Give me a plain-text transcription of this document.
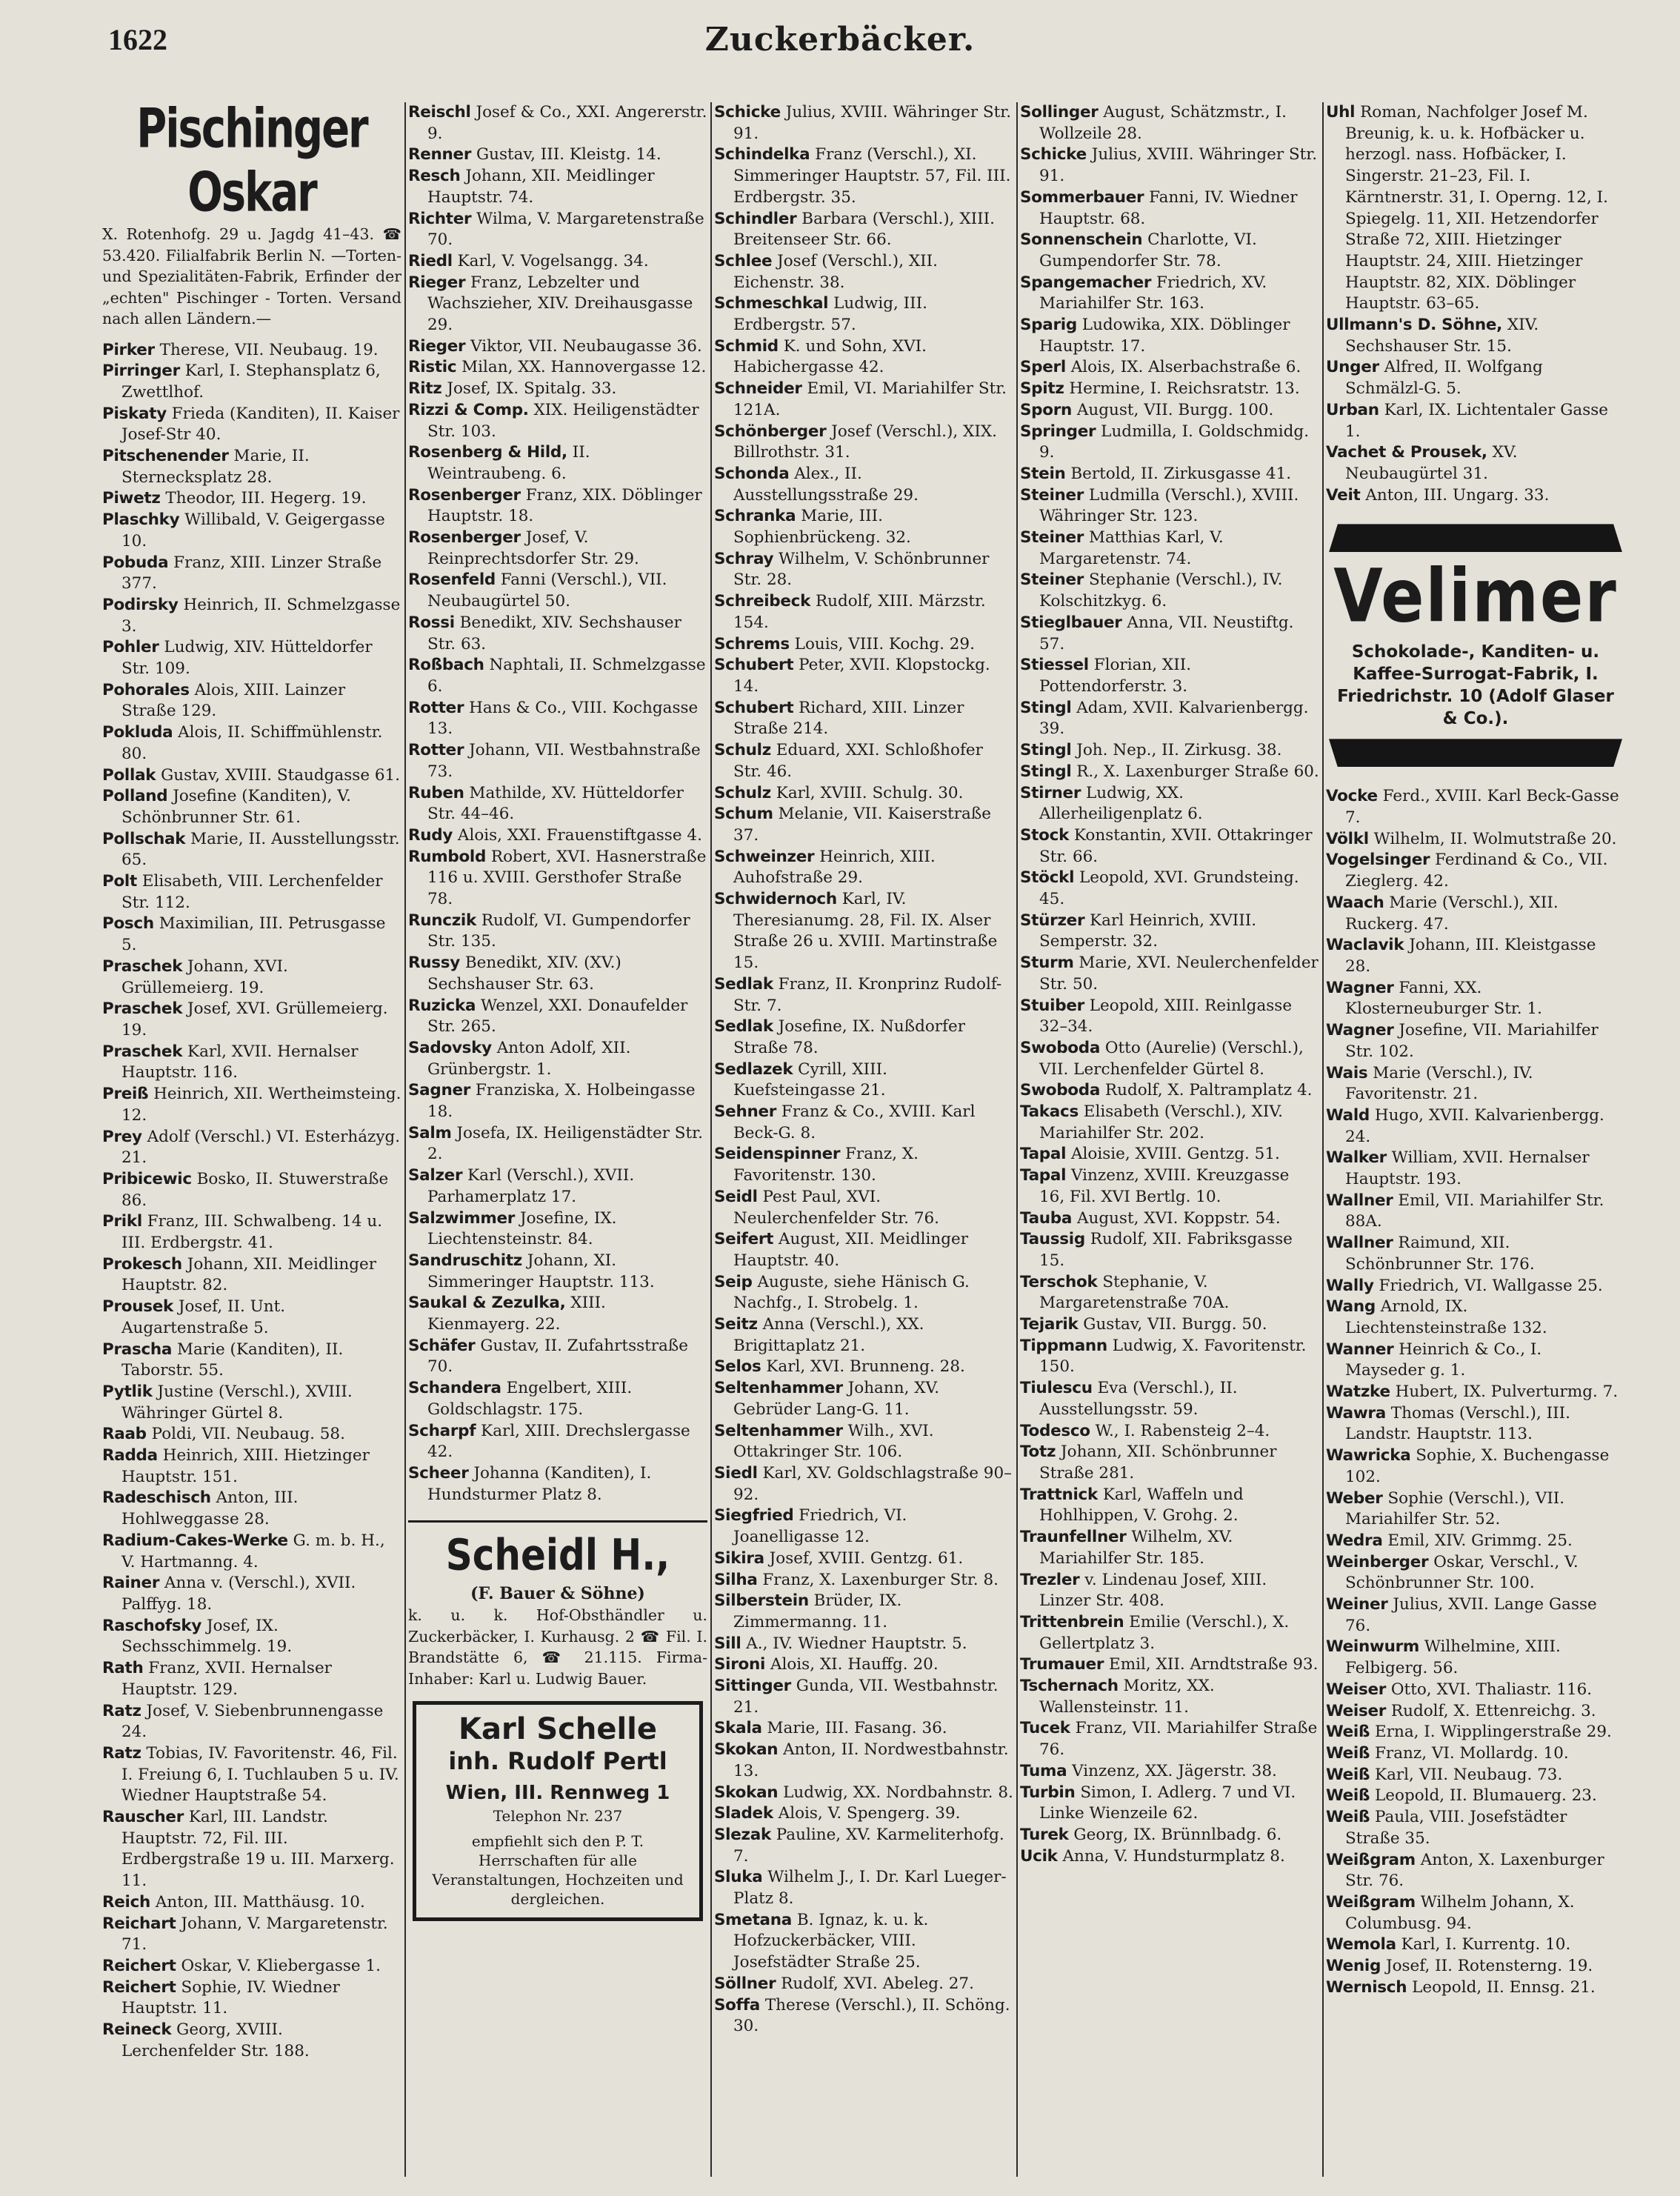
1622	Zuckerbäcker.
Pischinger Oskar
X. Rotenhofg. 29 u. Jagdg 41–43. ☎ 53.420. Filialfabrik Berlin N. —Torten- und Spezialitäten-Fabrik, Erfinder der „echten" Pischinger - Torten. Versand nach allen Ländern.—

Pirker Therese, VII. Neubaug. 19.

Pirringer Karl, I. Stephansplatz 6, Zwettlhof.

Piskaty Frieda (Kanditen), II. Kaiser Josef-Str 40.

Pitschenender Marie, II. Sternecksplatz 28.

Piwetz Theodor, III. Hegerg. 19.

Plaschky Willibald, V. Geigergasse 10.

Pobuda Franz, XIII. Linzer Straße 377.

Podirsky Heinrich, II. Schmelzgasse 3.

Pohler Ludwig, XIV. Hütteldorfer Str. 109.

Pohorales Alois, XIII. Lainzer Straße 129.

Pokluda Alois, II. Schiffmühlenstr. 80.

Pollak Gustav, XVIII. Staudgasse 61.

Polland Josefine (Kanditen), V. Schönbrunner Str. 61.

Pollschak Marie, II. Ausstellungsstr. 65.

Polt Elisabeth, VIII. Lerchenfelder Str. 112.

Posch Maximilian, III. Petrusgasse 5.

Praschek Johann, XVI. Grüllemeierg. 19.

Praschek Josef, XVI. Grüllemeierg. 19.

Praschek Karl, XVII. Hernalser Hauptstr. 116.

Preiß Heinrich, XII. Wertheimsteing. 12.

Prey Adolf (Verschl.) VI. Esterházyg. 21.

Pribicewic Bosko, II. Stuwerstraße 86.

Prikl Franz, III. Schwalbeng. 14 u. III. Erdbergstr. 41.

Prokesch Johann, XII. Meidlinger Hauptstr. 82.

Prousek Josef, II. Unt. Augartenstraße 5.

Prascha Marie (Kanditen), II. Taborstr. 55.

Pytlik Justine (Verschl.), XVIII. Währinger Gürtel 8.

Raab Poldi, VII. Neubaug. 58.

Radda Heinrich, XIII. Hietzinger Hauptstr. 151.

Radeschisch Anton, III. Hohlweggasse 28.

Radium-Cakes-Werke G. m. b. H., V. Hartmanng. 4.

Rainer Anna v. (Verschl.), XVII. Palffyg. 18.

Raschofsky Josef, IX. Sechsschimmelg. 19.

Rath Franz, XVII. Hernalser Hauptstr. 129.

Ratz Josef, V. Siebenbrunnengasse 24.

Ratz Tobias, IV. Favoritenstr. 46, Fil. I. Freiung 6, I. Tuchlauben 5 u. IV. Wiedner Hauptstraße 54.

Rauscher Karl, III. Landstr. Hauptstr. 72, Fil. III. Erdbergstraße 19 u. III. Marxerg. 11.

Reich Anton, III. Matthäusg. 10.

Reichart Johann, V. Margaretenstr. 71.

Reichert Oskar, V. Kliebergasse 1.

Reichert Sophie, IV. Wiedner Hauptstr. 11.

Reineck Georg, XVIII. Lerchenfelder Str. 188.

Reischl Josef & Co., XXI. Angererstr. 9.

Renner Gustav, III. Kleistg. 14.

Resch Johann, XII. Meidlinger Hauptstr. 74.

Richter Wilma, V. Margaretenstraße 70.

Riedl Karl, V. Vogelsangg. 34.

Rieger Franz, Lebzelter und Wachszieher, XIV. Dreihausgasse 29.

Rieger Viktor, VII. Neubaugasse 36.

Ristic Milan, XX. Hannovergasse 12.

Ritz Josef, IX. Spitalg. 33.

Rizzi & Comp. XIX. Heiligenstädter Str. 103.

Rosenberg & Hild, II. Weintraubeng. 6.

Rosenberger Franz, XIX. Döblinger Hauptstr. 18.

Rosenberger Josef, V. Reinprechtsdorfer Str. 29.

Rosenfeld Fanni (Verschl.), VII. Neubaugürtel 50.

Rossi Benedikt, XIV. Sechshauser Str. 63.

Roßbach Naphtali, II. Schmelzgasse 6.

Rotter Hans & Co., VIII. Kochgasse 13.

Rotter Johann, VII. Westbahnstraße 73.

Ruben Mathilde, XV. Hütteldorfer Str. 44–46.

Rudy Alois, XXI. Frauenstiftgasse 4.

Rumbold Robert, XVI. Hasnerstraße 116 u. XVIII. Gersthofer Straße 78.

Runczik Rudolf, VI. Gumpendorfer Str. 135.

Russy Benedikt, XIV. (XV.) Sechshauser Str. 63.

Ruzicka Wenzel, XXI. Donaufelder Str. 265.

Sadovsky Anton Adolf, XII. Grünbergstr. 1.

Sagner Franziska, X. Holbeingasse 18.

Salm Josefa, IX. Heiligenstädter Str. 2.

Salzer Karl (Verschl.), XVII. Parhamerplatz 17.

Salzwimmer Josefine, IX. Liechtensteinstr. 84.

Sandruschitz Johann, XI. Simmeringer Hauptstr. 113.

Saukal & Zezulka, XIII. Kienmayerg. 22.

Schäfer Gustav, II. Zufahrtsstraße 70.

Schandera Engelbert, XIII. Goldschlagstr. 175.

Scharpf Karl, XIII. Drechslergasse 42.

Scheer Johanna (Kanditen), I. Hundsturmer Platz 8.

Scheidl H.,
(F. Bauer & Söhne)
k. u. k. Hof-Obsthändler u. Zuckerbäcker, I. Kurhausg. 2 ☎ Fil. I. Brandstätte 6, ☎ 21.115. Firma-Inhaber: Karl u. Ludwig Bauer.
Karl Schelle
inh. Rudolf Pertl
Wien, III. Rennweg 1
Telephon Nr. 237
empfiehlt sich den P. T. Herrschaften für alle Veranstaltungen, Hochzeiten und dergleichen.

Schicke Julius, XVIII. Währinger Str. 91.

Schindelka Franz (Verschl.), XI. Simmeringer Hauptstr. 57, Fil. III. Erdbergstr. 35.

Schindler Barbara (Verschl.), XIII. Breitenseer Str. 66.

Schlee Josef (Verschl.), XII. Eichenstr. 38.

Schmeschkal Ludwig, III. Erdbergstr. 57.

Schmid K. und Sohn, XVI. Habichergasse 42.

Schneider Emil, VI. Mariahilfer Str. 121A.

Schönberger Josef (Verschl.), XIX. Billrothstr. 31.

Schonda Alex., II. Ausstellungsstraße 29.

Schranka Marie, III. Sophienbrückeng. 32.

Schray Wilhelm, V. Schönbrunner Str. 28.

Schreibeck Rudolf, XIII. Märzstr. 154.

Schrems Louis, VIII. Kochg. 29.

Schubert Peter, XVII. Klopstockg. 14.

Schubert Richard, XIII. Linzer Straße 214.

Schulz Eduard, XXI. Schloßhofer Str. 46.

Schulz Karl, XVIII. Schulg. 30.

Schum Melanie, VII. Kaiserstraße 37.

Schweinzer Heinrich, XIII. Auhofstraße 29.

Schwidernoch Karl, IV. Theresianumg. 28, Fil. IX. Alser Straße 26 u. XVIII. Martinstraße 15.

Sedlak Franz, II. Kronprinz Rudolf-Str. 7.

Sedlak Josefine, IX. Nußdorfer Straße 78.

Sedlazek Cyrill, XIII. Kuefsteingasse 21.

Sehner Franz & Co., XVIII. Karl Beck-G. 8.

Seidenspinner Franz, X. Favoritenstr. 130.

Seidl Pest Paul, XVI. Neulerchenfelder Str. 76.

Seifert August, XII. Meidlinger Hauptstr. 40.

Seip Auguste, siehe Hänisch G. Nachfg., I. Strobelg. 1.

Seitz Anna (Verschl.), XX. Brigittaplatz 21.

Selos Karl, XVI. Brunneng. 28.

Seltenhammer Johann, XV. Gebrüder Lang-G. 11.

Seltenhammer Wilh., XVI. Ottakringer Str. 106.

Siedl Karl, XV. Goldschlagstraße 90–92.

Siegfried Friedrich, VI. Joanelligasse 12.

Sikira Josef, XVIII. Gentzg. 61.

Silha Franz, X. Laxenburger Str. 8.

Silberstein Brüder, IX. Zimmermanng. 11.

Sill A., IV. Wiedner Hauptstr. 5.

Sironi Alois, XI. Hauffg. 20.

Sittinger Gunda, VII. Westbahnstr. 21.

Skala Marie, III. Fasang. 36.

Skokan Anton, II. Nordwestbahnstr. 13.

Skokan Ludwig, XX. Nordbahnstr. 8.

Sladek Alois, V. Spengerg. 39.

Slezak Pauline, XV. Karmeliterhofg. 7.

Sluka Wilhelm J., I. Dr. Karl Lueger-Platz 8.

Smetana B. Ignaz, k. u. k. Hofzuckerbäcker, VIII. Josefstädter Straße 25.

Söllner Rudolf, XVI. Abeleg. 27.

Soffa Therese (Verschl.), II. Schöng. 30.

Sollinger August, Schätzmstr., I. Wollzeile 28.

Schicke Julius, XVIII. Währinger Str. 91.

Sommerbauer Fanni, IV. Wiedner Hauptstr. 68.

Sonnenschein Charlotte, VI. Gumpendorfer Str. 78.

Spangemacher Friedrich, XV. Mariahilfer Str. 163.

Sparig Ludowika, XIX. Döblinger Hauptstr. 17.

Sperl Alois, IX. Alserbachstraße 6.

Spitz Hermine, I. Reichsratstr. 13.

Sporn August, VII. Burgg. 100.

Springer Ludmilla, I. Goldschmidg. 9.

Stein Bertold, II. Zirkusgasse 41.

Steiner Ludmilla (Verschl.), XVIII. Währinger Str. 123.

Steiner Matthias Karl, V. Margaretenstr. 74.

Steiner Stephanie (Verschl.), IV. Kolschitzkyg. 6.

Stieglbauer Anna, VII. Neustiftg. 57.

Stiessel Florian, XII. Pottendorferstr. 3.

Stingl Adam, XVII. Kalvarienbergg. 39.

Stingl Joh. Nep., II. Zirkusg. 38.

Stingl R., X. Laxenburger Straße 60.

Stirner Ludwig, XX. Allerheiligenplatz 6.

Stock Konstantin, XVII. Ottakringer Str. 66.

Stöckl Leopold, XVI. Grundsteing. 45.

Stürzer Karl Heinrich, XVIII. Semperstr. 32.

Sturm Marie, XVI. Neulerchenfelder Str. 50.

Stuiber Leopold, XIII. Reinlgasse 32–34.

Swoboda Otto (Aurelie) (Verschl.), VII. Lerchenfelder Gürtel 8.

Swoboda Rudolf, X. Paltramplatz 4.

Takacs Elisabeth (Verschl.), XIV. Mariahilfer Str. 202.

Tapal Aloisie, XVIII. Gentzg. 51.

Tapal Vinzenz, XVIII. Kreuzgasse 16, Fil. XVI Bertlg. 10.

Tauba August, XVI. Koppstr. 54.

Taussig Rudolf, XII. Fabriksgasse 15.

Terschok Stephanie, V. Margaretenstraße 70A.

Tejarik Gustav, VII. Burgg. 50.

Tippmann Ludwig, X. Favoritenstr. 150.

Tiulescu Eva (Verschl.), II. Ausstellungsstr. 59.

Todesco W., I. Rabensteig 2–4.

Totz Johann, XII. Schönbrunner Straße 281.

Trattnick Karl, Waffeln und Hohlhippen, V. Grohg. 2.

Traunfellner Wilhelm, XV. Mariahilfer Str. 185.

Trezler v. Lindenau Josef, XIII. Linzer Str. 408.

Trittenbrein Emilie (Verschl.), X. Gellertplatz 3.

Trumauer Emil, XII. Arndtstraße 93.

Tschernach Moritz, XX. Wallensteinstr. 11.

Tucek Franz, VII. Mariahilfer Straße 76.

Tuma Vinzenz, XX. Jägerstr. 38.

Turbin Simon, I. Adlerg. 7 und VI. Linke Wienzeile 62.

Turek Georg, IX. Brünnlbadg. 6.

Ucik Anna, V. Hundsturmplatz 8.

Uhl Roman, Nachfolger Josef M. Breunig, k. u. k. Hofbäcker u. herzogl. nass. Hofbäcker, I. Singerstr. 21–23, Fil. I. Kärntnerstr. 31, I. Operng. 12, I. Spiegelg. 11, XII. Hetzendorfer Straße 72, XIII. Hietzinger Hauptstr. 24, XIII. Hietzinger Hauptstr. 82, XIX. Döblinger Hauptstr. 63–65.

Ullmann's D. Söhne, XIV. Sechshauser Str. 15.

Unger Alfred, II. Wolfgang Schmälzl-G. 5.

Urban Karl, IX. Lichtentaler Gasse 1.

Vachet & Prousek, XV. Neubaugürtel 31.

Veit Anton, III. Ungarg. 33.

Velimer
Schokolade-, Kanditen- u. Kaffee-Surrogat-Fabrik, I. Friedrichstr. 10 (Adolf Glaser & Co.).

Vocke Ferd., XVIII. Karl Beck-Gasse 7.

Völkl Wilhelm, II. Wolmutstraße 20.

Vogelsinger Ferdinand & Co., VII. Zieglerg. 42.

Waach Marie (Verschl.), XII. Ruckerg. 47.

Waclavik Johann, III. Kleistgasse 28.

Wagner Fanni, XX. Klosterneuburger Str. 1.

Wagner Josefine, VII. Mariahilfer Str. 102.

Wais Marie (Verschl.), IV. Favoritenstr. 21.

Wald Hugo, XVII. Kalvarienbergg. 24.

Walker William, XVII. Hernalser Hauptstr. 193.

Wallner Emil, VII. Mariahilfer Str. 88A.

Wallner Raimund, XII. Schönbrunner Str. 176.

Wally Friedrich, VI. Wallgasse 25.

Wang Arnold, IX. Liechtensteinstraße 132.

Wanner Heinrich & Co., I. Mayseder g. 1.

Watzke Hubert, IX. Pulverturmg. 7.

Wawra Thomas (Verschl.), III. Landstr. Hauptstr. 113.

Wawricka Sophie, X. Buchengasse 102.

Weber Sophie (Verschl.), VII. Mariahilfer Str. 52.

Wedra Emil, XIV. Grimmg. 25.

Weinberger Oskar, Verschl., V. Schönbrunner Str. 100.

Weiner Julius, XVII. Lange Gasse 76.

Weinwurm Wilhelmine, XIII. Felbigerg. 56.

Weiser Otto, XVI. Thaliastr. 116.

Weiser Rudolf, X. Ettenreichg. 3.

Weiß Erna, I. Wipplingerstraße 29.

Weiß Franz, VI. Mollardg. 10.

Weiß Karl, VII. Neubaug. 73.

Weiß Leopold, II. Blumauerg. 23.

Weiß Paula, VIII. Josefstädter Straße 35.

Weißgram Anton, X. Laxenburger Str. 76.

Weißgram Wilhelm Johann, X. Columbusg. 94.

Wemola Karl, I. Kurrentg. 10.

Wenig Josef, II. Rotensterng. 19.

Wernisch Leopold, II. Ennsg. 21.
